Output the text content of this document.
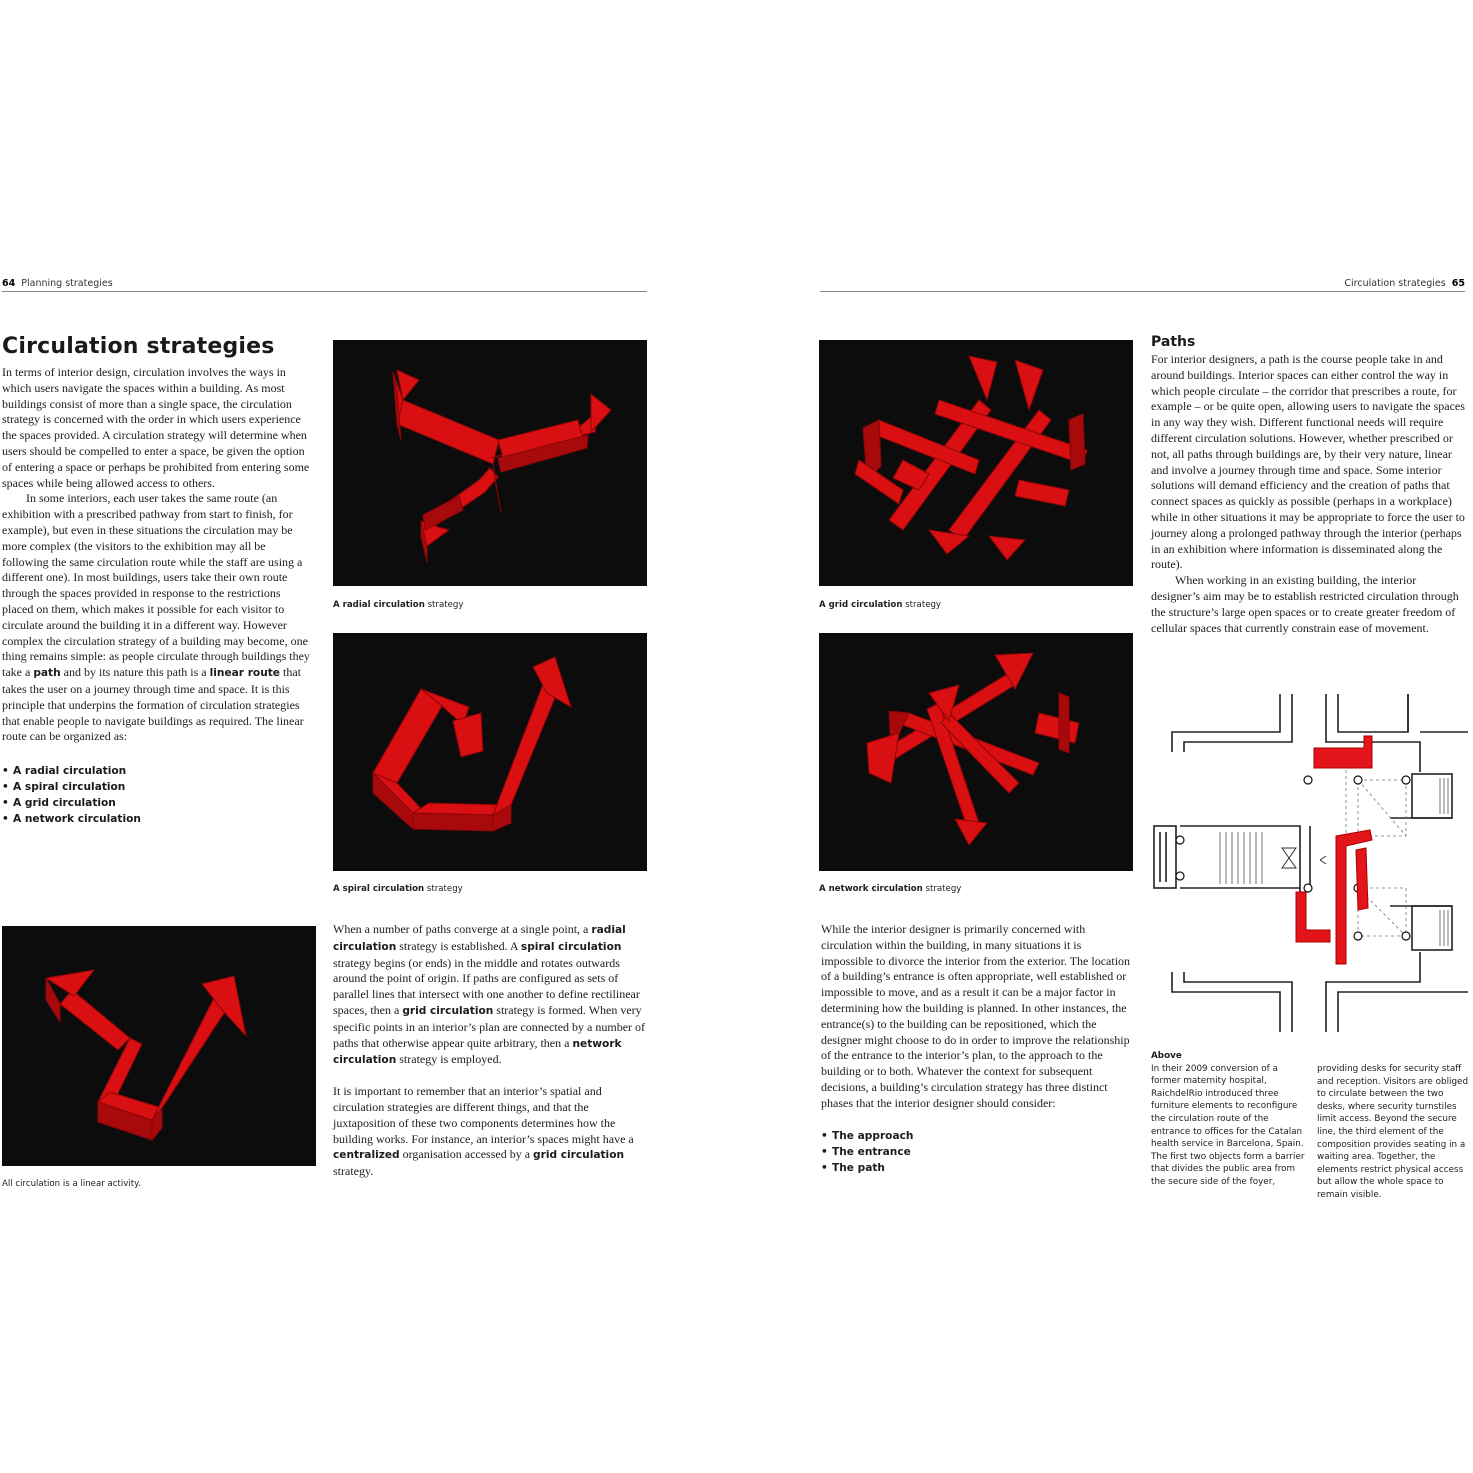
64 Planning strategies	Circulation strategies 65
Circulation strategies

In terms of interior design, circulation involves the ways in which users navigate the spaces within a building. As most buildings consist of more than a single space, the circulation strategy is concerned with the order in which users experience the spaces provided. A circulation strategy will determine when users should be compelled to enter a space, be given the option of entering a space or perhaps be prohibited from entering some spaces while being allowed access to others.

In some interiors, each user takes the same route (an exhibition with a prescribed pathway from start to finish, for example), but even in these situations the circulation may be more complex (the visitors to the exhibition may all be following the same circulation route while the staff are using a different one). In most buildings, users take their own route through the spaces provided in response to the restrictions placed on them, which makes it possible for each visitor to circulate around the building it in a different way. However complex the circulation strategy of a building may become, one thing remains simple: as people circulate through buildings they take a path and by its nature this path is a linear route that takes the user on a journey through time and space. It is this principle that underpins the formation of circulation strategies that enable people to navigate buildings as required. The linear route can be organized as:

• A radial circulation
• A spiral circulation
• A grid circulation
• A network circulation
A radial circulation strategy
A spiral circulation strategy
All circulation is a linear activity.

When a number of paths converge at a single point, a radial circulation strategy is established. A spiral circulation strategy begins (or ends) in the middle and rotates outwards around the point of origin. If paths are configured as sets of parallel lines that intersect with one another to define rectilinear spaces, then a grid circulation strategy is formed. When very specific points in an interior’s plan are connected by a number of paths that otherwise appear quite arbitrary, then a network circulation strategy is employed.

It is important to remember that an interior’s spatial and circulation strategies are different things, and that the juxtaposition of these two components determines how the building works. For instance, an interior’s spaces might have a centralized organisation accessed by a grid circulation strategy.

A grid circulation strategy
A network circulation strategy
Paths

For interior designers, a path is the course people take in and around buildings. Interior spaces can either control the way in which people circulate – the corridor that prescribes a route, for example – or be quite open, allowing users to navigate the spaces in any way they wish. Different functional needs will require different circulation solutions. However, whether prescribed or not, all paths through buildings are, by their very nature, linear and involve a journey through time and space. Some interior solutions will demand efficiency and the creation of paths that connect spaces as quickly as possible (perhaps in a workplace) while in other situations it may be appropriate to force the user to journey along a prolonged pathway through the interior (perhaps in an exhibition where information is disseminated along the route).

When working in an existing building, the interior designer’s aim may be to establish restricted circulation through the structure’s large open spaces or to create greater freedom of cellular spaces that currently constrain ease of movement.

While the interior designer is primarily concerned with circulation within the building, in many situations it is impossible to divorce the interior from the exterior. The location of a building’s entrance is often appropriate, well established or impossible to move, and as a result it can be a major factor in determining how the building is planned. In other instances, the entrance(s) to the building can be repositioned, which the designer might choose to do in order to improve the relationship of the entrance to the interior’s plan, to the approach to the building or to both. Whatever the context for subsequent decisions, a building’s circulation strategy has three distinct phases that the interior designer should consider:

• The approach
• The entrance
• The path
Above
In their 2009 conversion of a former maternity hospital, RaichdelRio introduced three furniture elements to reconfigure the circulation route of the entrance to offices for the Catalan health service in Barcelona, Spain. The first two objects form a barrier that divides the public area from the secure side of the foyer,
providing desks for security staff and reception. Visitors are obliged to circulate between the two desks, where security turnstiles limit access. Beyond the secure line, the third element of the composition provides seating in a waiting area. Together, the elements restrict physical access but allow the whole space to remain visible.
